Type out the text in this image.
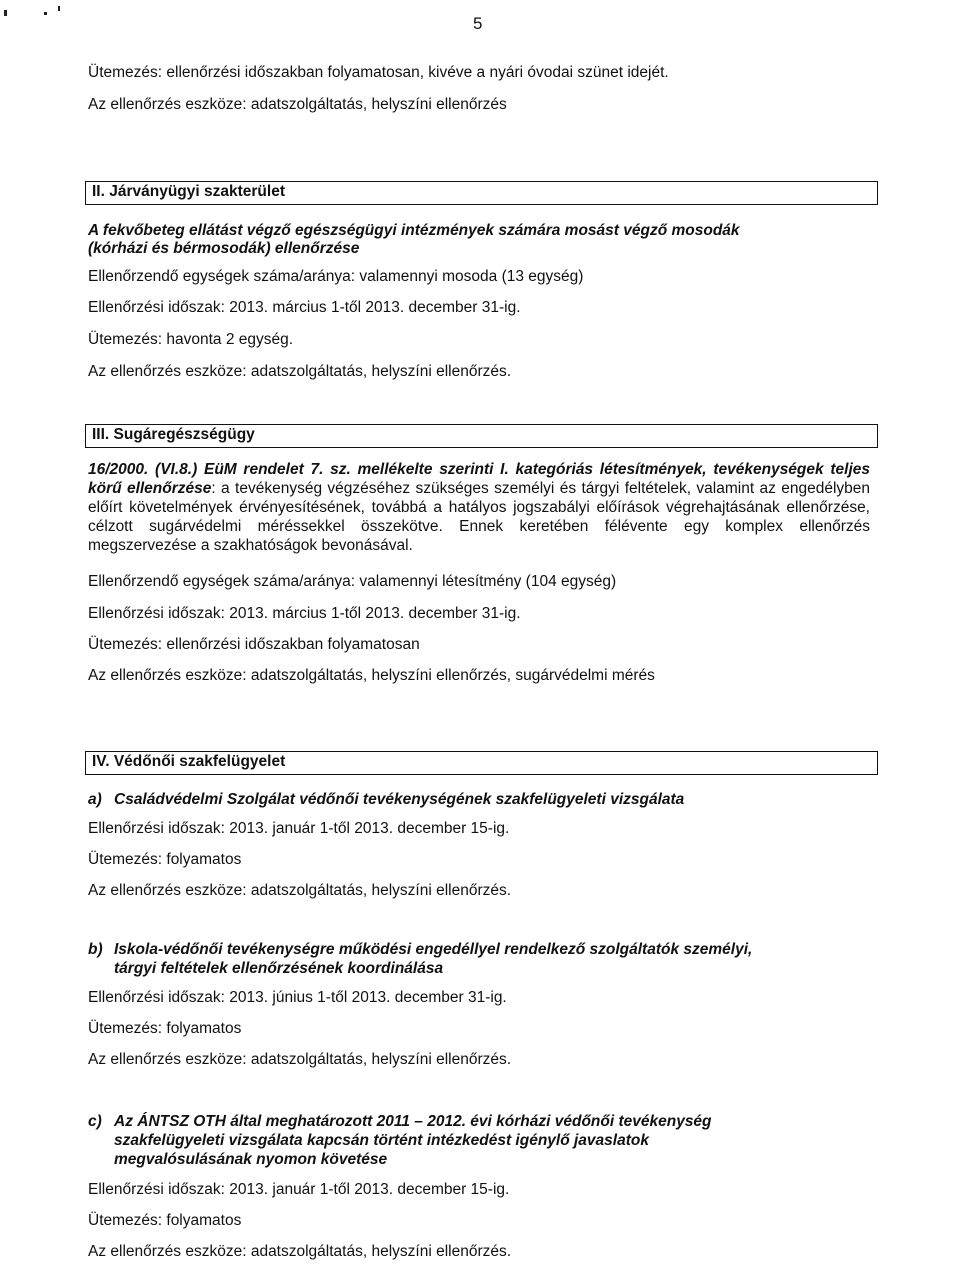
5
Ütemezés: ellenőrzési időszakban folyamatosan, kivéve a nyári óvodai szünet idejét.
Az ellenőrzés eszköze: adatszolgáltatás, helyszíni ellenőrzés
II. Járványügyi szakterület
A fekvőbeteg ellátást végző egészségügyi intézmények számára mosást végző mosodák
(kórházi és bérmosodák) ellenőrzése
Ellenőrzendő egységek száma/aránya: valamennyi mosoda (13 egység)
Ellenőrzési időszak: 2013. március 1-től 2013. december 31-ig.
Ütemezés: havonta 2 egység.
Az ellenőrzés eszköze: adatszolgáltatás, helyszíni ellenőrzés.
III. Sugáregészségügy
16/2000. (VI.8.) EüM rendelet 7. sz. mellékelte szerinti I. kategóriás létesítmények, tevékenységek teljes körű ellenőrzése: a tevékenység végzéséhez szükséges személyi és tárgyi feltételek, valamint az engedélyben előírt követelmények érvényesítésének, továbbá a hatályos jogszabályi előírások végrehajtásának ellenőrzése, célzott sugárvédelmi méréssekkel összekötve. Ennek keretében félévente egy komplex ellenőrzés megszervezése a szakhatóságok bevonásával.
Ellenőrzendő egységek száma/aránya: valamennyi létesítmény (104 egység)
Ellenőrzési időszak: 2013. március 1-től 2013. december 31-ig.
Ütemezés: ellenőrzési időszakban folyamatosan
Az ellenőrzés eszköze: adatszolgáltatás, helyszíni ellenőrzés, sugárvédelmi mérés
IV. Védőnői szakfelügyelet
a) Családvédelmi Szolgálat védőnői tevékenységének szakfelügyeleti vizsgálata
Ellenőrzési időszak: 2013. január 1-től 2013. december 15-ig.
Ütemezés: folyamatos
Az ellenőrzés eszköze: adatszolgáltatás, helyszíni ellenőrzés.
b) Iskola-védőnői tevékenységre működési engedéllyel rendelkező szolgáltatók személyi,
tárgyi feltételek ellenőrzésének koordinálása
Ellenőrzési időszak: 2013. június 1-től 2013. december 31-ig.
Ütemezés: folyamatos
Az ellenőrzés eszköze: adatszolgáltatás, helyszíni ellenőrzés.
c) Az ÁNTSZ OTH által meghatározott 2011 – 2012. évi kórházi védőnői tevékenység
szakfelügyeleti vizsgálata kapcsán történt intézkedést igénylő javaslatok
megvalósulásának nyomon követése
Ellenőrzési időszak: 2013. január 1-től 2013. december 15-ig.
Ütemezés: folyamatos
Az ellenőrzés eszköze: adatszolgáltatás, helyszíni ellenőrzés.
